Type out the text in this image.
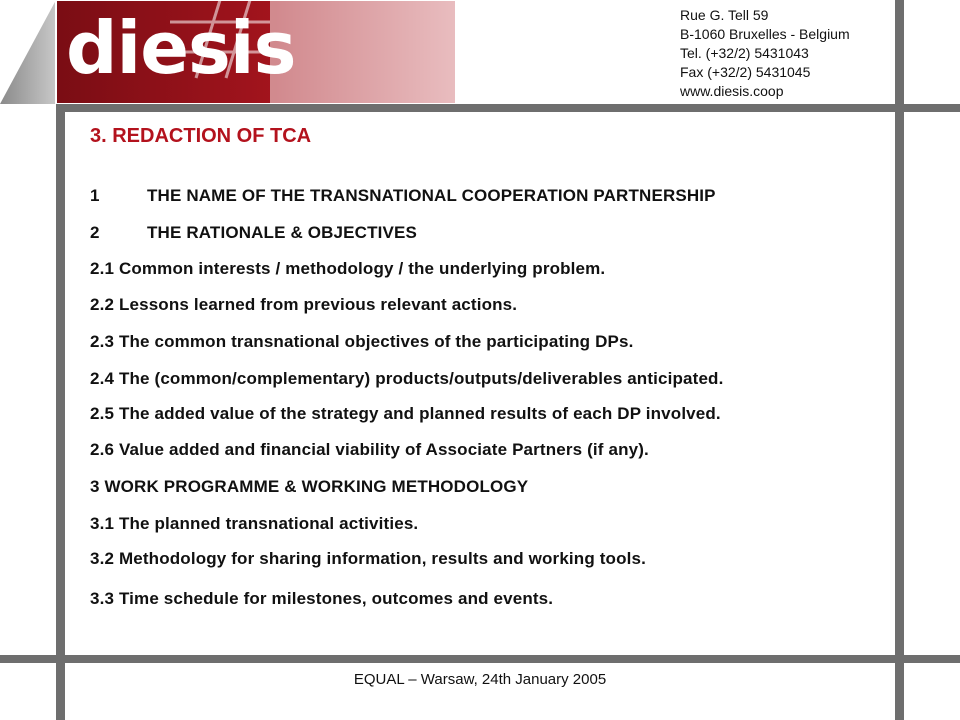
diesis	Rue G. Tell 59
B-1060 Bruxelles - Belgium
Tel. (+32/2) 5431043
Fax (+32/2) 5431045
www.diesis.coop
3. REDACTION OF TCA
1	THE NAME OF THE TRANSNATIONAL COOPERATION PARTNERSHIP
2	THE RATIONALE & OBJECTIVES
2.1 Common interests / methodology / the underlying problem.
2.2 Lessons learned from previous relevant actions.
2.3 The common transnational objectives of the participating DPs.
2.4 The (common/complementary) products/outputs/deliverables anticipated.
2.5 The added value of the strategy and planned results of each DP involved.
2.6 Value added and financial viability of Associate Partners (if any).
3 WORK PROGRAMME & WORKING METHODOLOGY
3.1 The planned transnational activities.
3.2 Methodology for sharing information, results and working tools.
3.3 Time schedule for milestones, outcomes and events.
EQUAL – Warsaw, 24th January 2005
